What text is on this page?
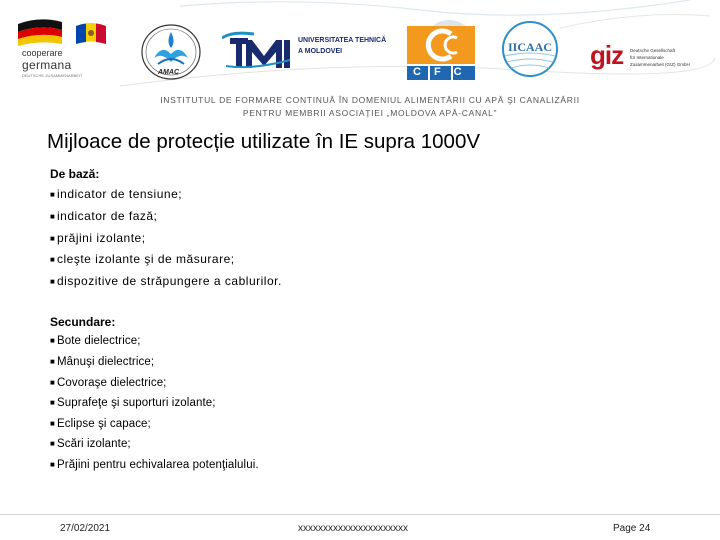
cooperare
germana
DEUTSCHE ZUSAMMENARBEIT	AMAC
UNIVERSITATEA TEHNICĂ
A MOLDOVEI
CFC
IICAAC giz Deutsche Gesellschaft
für Internationale
Zusammenarbeit (GIZ) GmbH
INSTITUTUL DE FORMARE CONTINUĂ ÎN DOMENIUL ALIMENTĂRII CU APĂ ŞI CANALIZĂRII
PENTRU MEMBRII ASOCIAȚIEI „MOLDOVA APĂ-CANAL”
Mijloace de protecție utilizate în IE supra 1000V
De bază:
■ indicator de tensiune;
■ indicator de fază;
■ prăjini izolante;
■ cleşte izolante şi de măsurare;
■ dispozitive de străpungere a cablurilor.
Secundare:
■ Bote dielectrice;
■ Mânuşi dielectrice;
■ Covoraşe dielectrice;
■ Suprafeţe şi suporturi izolante;
■ Eclipse şi capace;
■ Scări izolante;
■ Prăjini pentru echivalarea potenţialului.
27/02/2021	xxxxxxxxxxxxxxxxxxxxxx	Page 24
